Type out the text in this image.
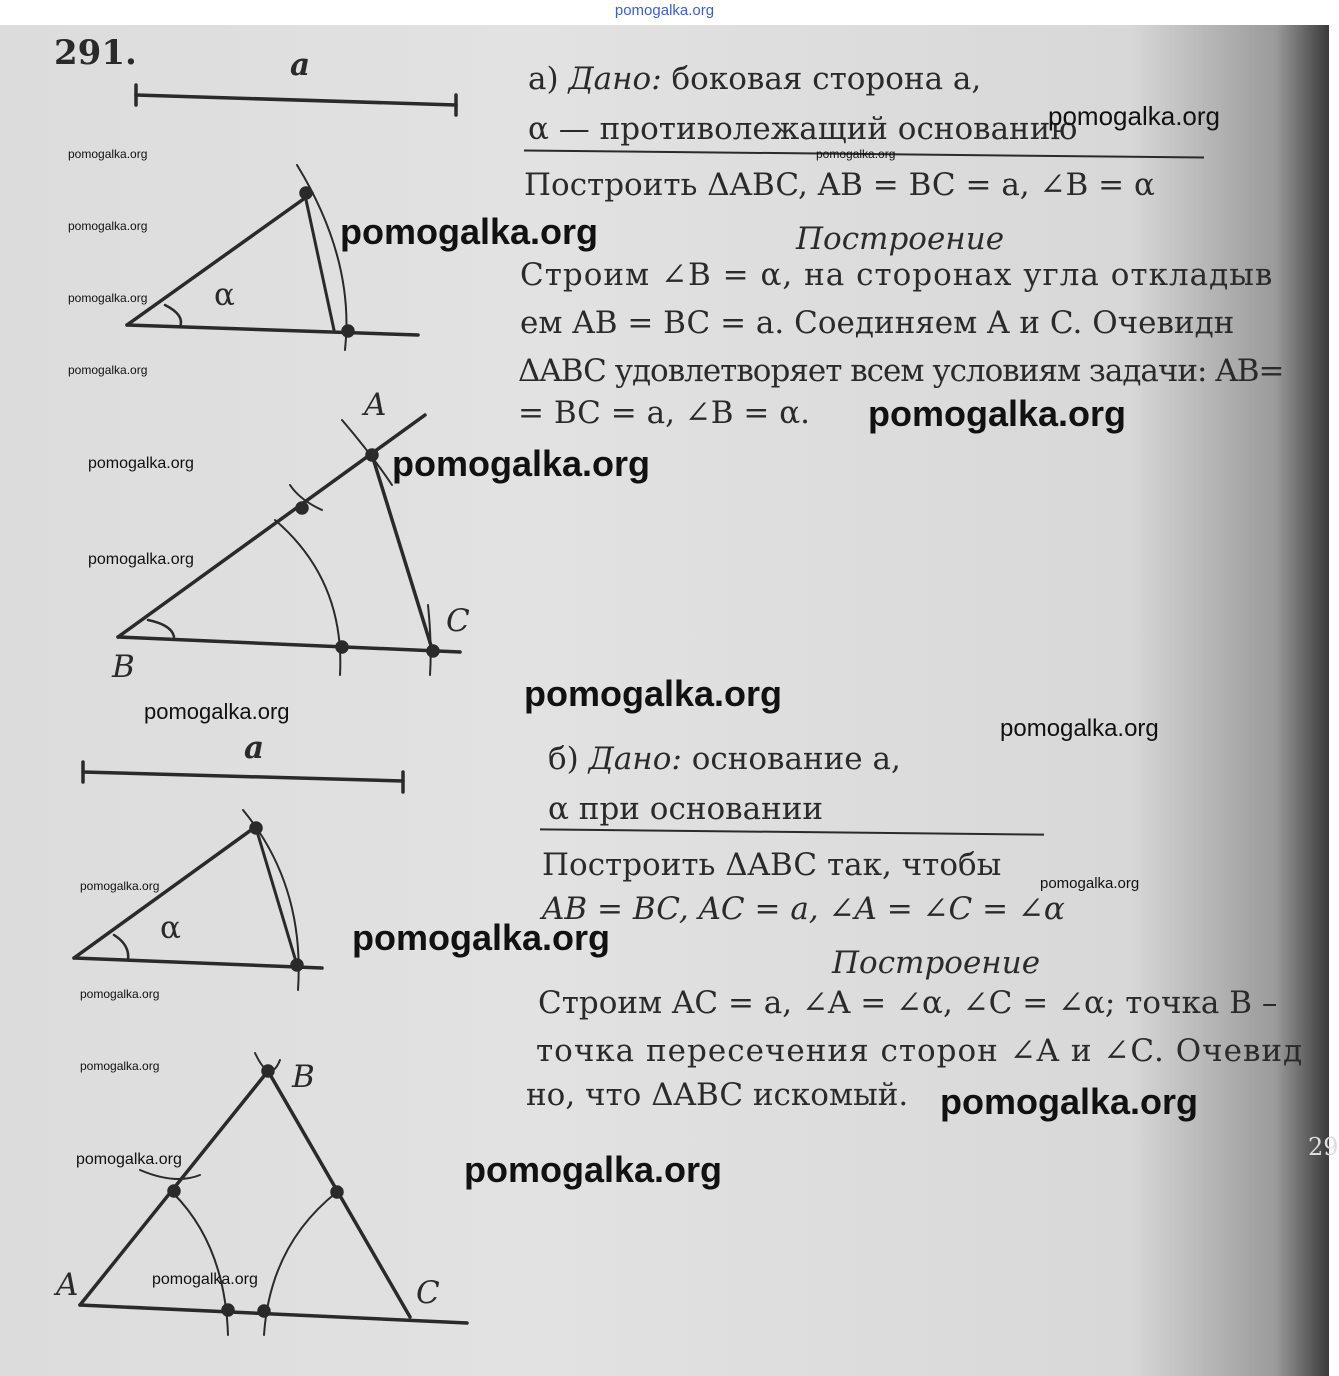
pomogalka.org
291.	a
α
A
B
C
a
α
B
A	C
а) Дано: боковая сторона a,
α — противолежащий основанию
Построить ΔABC, AB = BC = a, ∠B = α
Построение
Строим ∠B = α, на сторонах угла откладыв
ем AB = BC = a. Соединяем A и C. Очевидн
ΔABC удовлетворяет всем условиям задачи: AB=
= BC = a, ∠B = α.
б) Дано: основание a,
α при основании
Построить ΔABC так, чтобы
AB = BC, AC = a, ∠A = ∠C = ∠α
Построение
Строим AC = a, ∠A = ∠α, ∠C = ∠α; точка B –
точка пересечения сторон ∠A и ∠C. Очевид
но, что ΔABC искомый.
29
pomogalka.org
pomogalka.org	pomogalka.org
pomogalka.org	pomogalka.org
pomogalka.org
pomogalka.org
pomogalka.org
pomogalka.org	pomogalka.org
pomogalka.org
pomogalka.org
pomogalka.org
pomogalka.org
pomogalka.org	pomogalka.org
pomogalka.org
pomogalka.org
pomogalka.org
pomogalka.org
pomogalka.org	pomogalka.org
pomogalka.org
